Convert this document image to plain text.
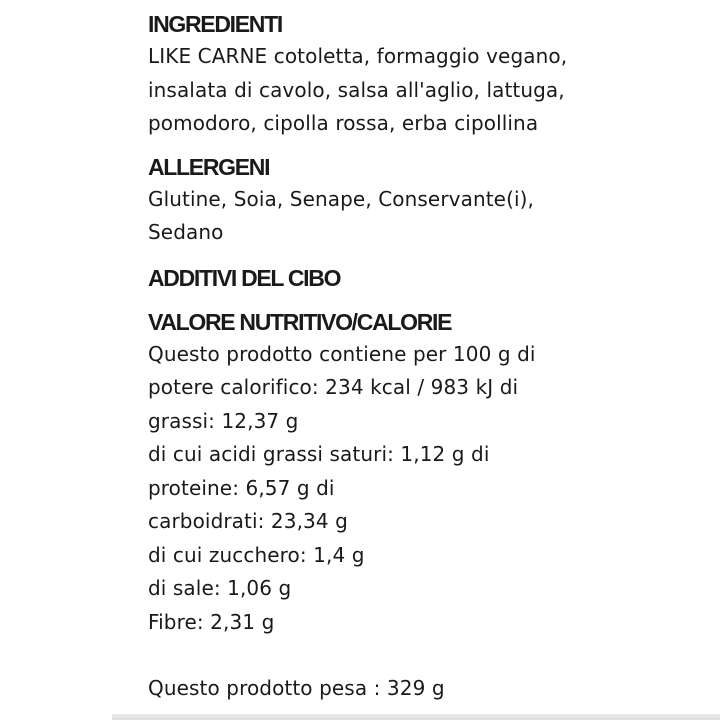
INGREDIENTI

LIKE CARNE cotoletta, formaggio vegano,
insalata di cavolo, salsa all'aglio, lattuga,
pomodoro, cipolla rossa, erba cipollina

ALLERGENI

Glutine, Soia, Senape, Conservante(i),
Sedano

ADDITIVI DEL CIBO
VALORE NUTRITIVO/CALORIE

Questo prodotto contiene per 100 g di
potere calorifico: 234 kcal / 983 kJ di
grassi: 12,37 g
di cui acidi grassi saturi: 1,12 g di
proteine: 6,57 g di
carboidrati: 23,34 g
di cui zucchero: 1,4 g
di sale: 1,06 g
Fibre: 2,31 g

Questo prodotto pesa : 329 g
